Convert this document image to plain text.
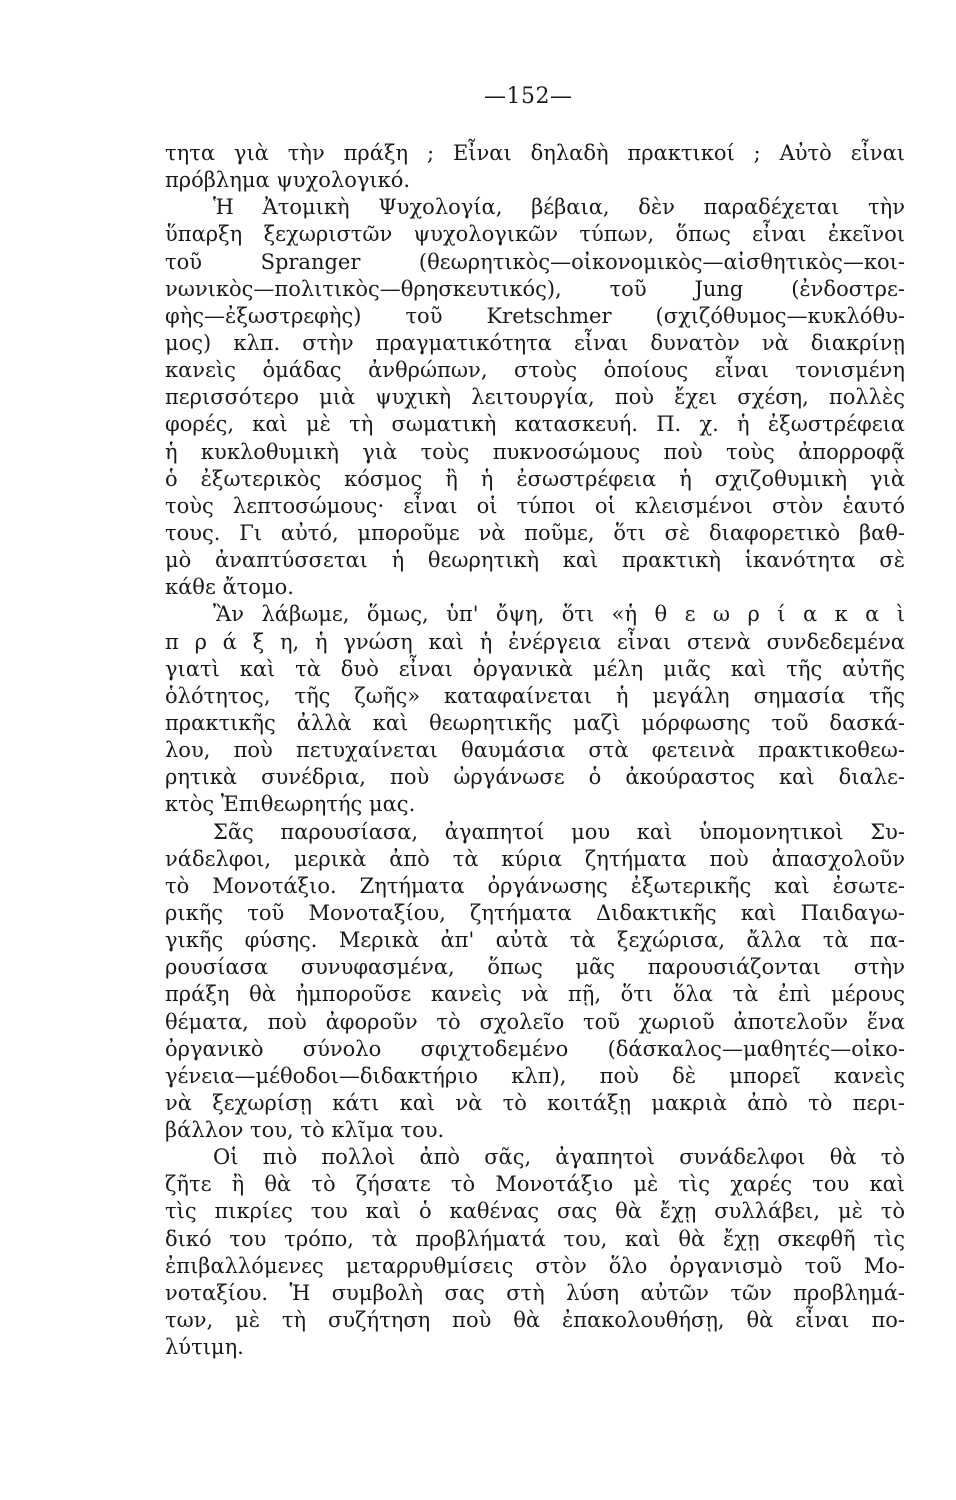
—152—
τητα γιὰ τὴν πράξη ; Εἶναι δηλαδὴ πρακτικοί ; Αὐτὸ εἶναι
πρόβλημα ψυχολογικό.
Ἡ Ἀτομικὴ Ψυχολογία, βέβαια, δὲν παραδέχεται τὴν
ὕπαρξη ξεχωριστῶν ψυχολογικῶν τύπων, ὅπως εἶναι ἐκεῖνοι
τοῦ Spranger (θεωρητικὸς—οἰκονομικὸς—αἰσθητικὸς—κοι-
νωνικὸς—πολιτικὸς—θρησκευτικός), τοῦ Jung (ἐνδοστρε-
φὴς—ἐξωστρεφὴς) τοῦ Kretschmer (σχιζόθυμος—κυκλόθυ-
μος) κλπ. στὴν πραγματικότητα εἶναι δυνατὸν νὰ διακρίνῃ
κανεὶς ὁμάδας ἀνθρώπων, στοὺς ὁποίους εἶναι τονισμένη
περισσότερο μιὰ ψυχικὴ λειτουργία, ποὺ ἔχει σχέση, πολλὲς
φορές, καὶ μὲ τὴ σωματικὴ κατασκευή. Π. χ. ἡ ἐξωστρέφεια
ἡ κυκλοθυμικὴ γιὰ τοὺς πυκνοσώμους ποὺ τοὺς ἀπορροφᾷ
ὁ ἐξωτερικὸς κόσμος ἢ ἡ ἐσωστρέφεια ἡ σχιζοθυμικὴ γιὰ
τοὺς λεπτοσώμους· εἶναι οἱ τύποι οἱ κλεισμένοι στὸν ἑαυτό
τους. Γι αὐτό, μποροῦμε νὰ ποῦμε, ὅτι σὲ διαφορετικὸ βαθ-
μὸ ἀναπτύσσεται ἡ θεωρητικὴ καὶ πρακτικὴ ἱκανότητα σὲ
κάθε ἄτομο.
Ἂν λάβωμε, ὅμως, ὑπ' ὄψη, ὅτι «ἡ θ ε ω ρ ί α κ α ὶ
π ρ ά ξ η, ἡ γνώση καὶ ἡ ἐνέργεια εἶναι στενὰ συνδεδεμένα
γιατὶ καὶ τὰ δυὸ εἶναι ὀργανικὰ μέλη μιᾶς καὶ τῆς αὐτῆς
ὁλότητος, τῆς ζωῆς» καταφαίνεται ἡ μεγάλη σημασία τῆς
πρακτικῆς ἀλλὰ καὶ θεωρητικῆς μαζὶ μόρφωσης τοῦ δασκά-
λου, ποὺ πετυχαίνεται θαυμάσια στὰ φετεινὰ πρακτικοθεω-
ρητικὰ συνέδρια, ποὺ ὠργάνωσε ὁ ἀκούραστος καὶ διαλε-
κτὸς Ἐπιθεωρητής μας.
Σᾶς παρουσίασα, ἀγαπητοί μου καὶ ὑπομονητικοὶ Συ-
νάδελφοι, μερικὰ ἀπὸ τὰ κύρια ζητήματα ποὺ ἀπασχολοῦν
τὸ Μονοτάξιο. Ζητήματα ὀργάνωσης ἐξωτερικῆς καὶ ἐσωτε-
ρικῆς τοῦ Μονοταξίου, ζητήματα Διδακτικῆς καὶ Παιδαγω-
γικῆς φύσης. Μερικὰ ἀπ' αὐτὰ τὰ ξεχώρισα, ἄλλα τὰ πα-
ρουσίασα συνυφασμένα, ὅπως μᾶς παρουσιάζονται στὴν
πράξη θὰ ἠμποροῦσε κανεὶς νὰ πῇ, ὅτι ὅλα τὰ ἐπὶ μέρους
θέματα, ποὺ ἀφοροῦν τὸ σχολεῖο τοῦ χωριοῦ ἀποτελοῦν ἕνα
ὀργανικὸ σύνολο σφιχτοδεμένο (δάσκαλος—μαθητές—οἰκο-
γένεια—μέθοδοι—διδακτήριο κλπ), ποὺ δὲ μπορεῖ κανεὶς
νὰ ξεχωρίσῃ κάτι καὶ νὰ τὸ κοιτάξῃ μακριὰ ἀπὸ τὸ περι-
βάλλον του, τὸ κλῖμα του.
Οἱ πιὸ πολλοὶ ἀπὸ σᾶς, ἀγαπητοὶ συνάδελφοι θὰ τὸ
ζῆτε ἢ θὰ τὸ ζήσατε τὸ Μονοτάξιο μὲ τὶς χαρές του καὶ
τὶς πικρίες του καὶ ὁ καθένας σας θὰ ἔχῃ συλλάβει, μὲ τὸ
δικό του τρόπο, τὰ προβλήματά του, καὶ θὰ ἔχῃ σκεφθῆ τὶς
ἐπιβαλλόμενες μεταρρυθμίσεις στὸν ὅλο ὀργανισμὸ τοῦ Μο-
νοταξίου. Ἡ συμβολὴ σας στὴ λύση αὐτῶν τῶν προβλημά-
των, μὲ τὴ συζήτηση ποὺ θὰ ἐπακολουθήσῃ, θὰ εἶναι πο-
λύτιμη.
